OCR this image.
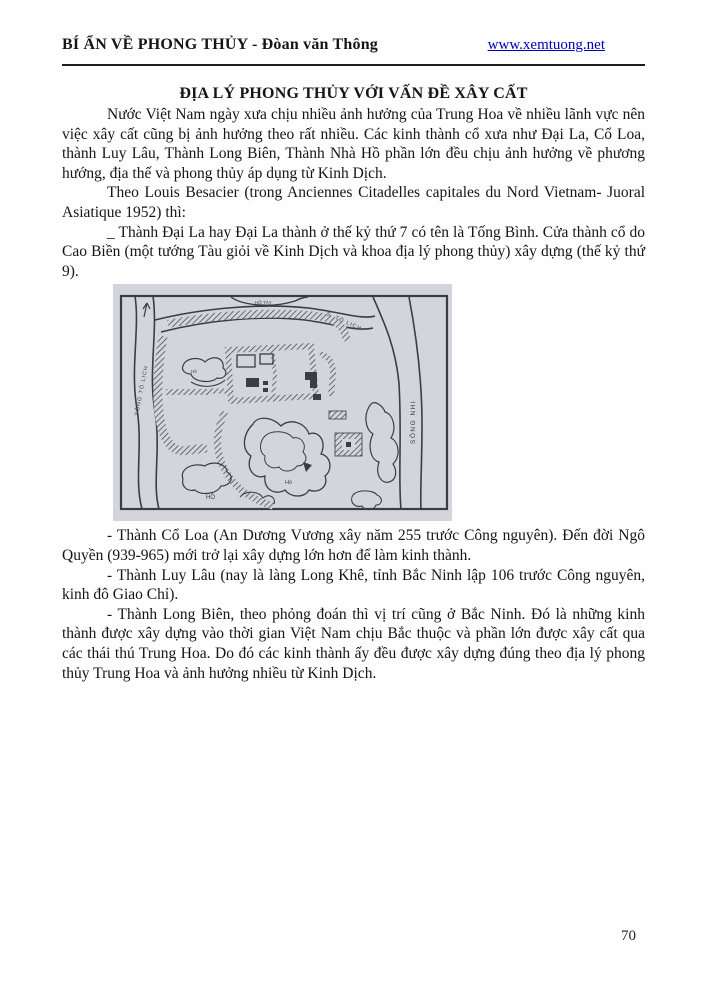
BÍ ẨN VỀ PHONG THỦY - Đòan văn Thông	www.xemtuong.net
ĐỊA LÝ PHONG THỦY VỚI VẤN ĐỀ XÂY CẤT

Nước Việt Nam ngày xưa chịu nhiều ảnh hưởng của Trung Hoa về nhiều lãnh vực nên việc xây cất cũng bị ảnh hưởng theo rất nhiều. Các kinh thành cổ xưa như Đại La, Cổ Loa, thành Luy Lâu, Thành Long Biên, Thành Nhà Hồ phần lớn đều chịu ảnh hưởng về phương hướng, địa thế và phong thủy áp dụng từ Kinh Dịch.

Theo Louis Besacier (trong Anciennes Citadelles capitales du Nord Vietnam- Juoral Asiatique 1952) thì:

_ Thành Đại La hay Đại La thành ở thế kỷ thứ 7 có tên là Tống Bình. Cửa thành cổ do Cao Biền (một tướng Tàu giỏi về Kinh Dịch và khoa địa lý phong thủy) xây dựng (thế kỷ thứ 9).

SÔNG TÔ LỊCH
S. TÔ LỊCH
SÔNG NHỊ
HỒ TÂY
Hồ
HỒ
Hồ

- Thành Cổ Loa (An Dương Vương xây năm 255 trước Công nguyên). Đến đời Ngô Quyền (939-965) mới trở lại xây dựng lớn hơn để làm kinh thành.

- Thành Luy Lâu (nay là làng Long Khê, tỉnh Bắc Ninh lập 106 trước Công nguyên, kinh đô Giao Chỉ).

- Thành Long Biên, theo phỏng đoán thì vị trí cũng ở Bắc Ninh. Đó là những kinh thành được xây dựng vào thời gian Việt Nam chịu Bắc thuộc và phần lớn được xây cất qua các thái thú Trung Hoa. Do đó các kinh thành ấy đều được xây dựng đúng theo địa lý phong thủy Trung Hoa và ảnh hưởng nhiều từ Kinh Dịch.

70
